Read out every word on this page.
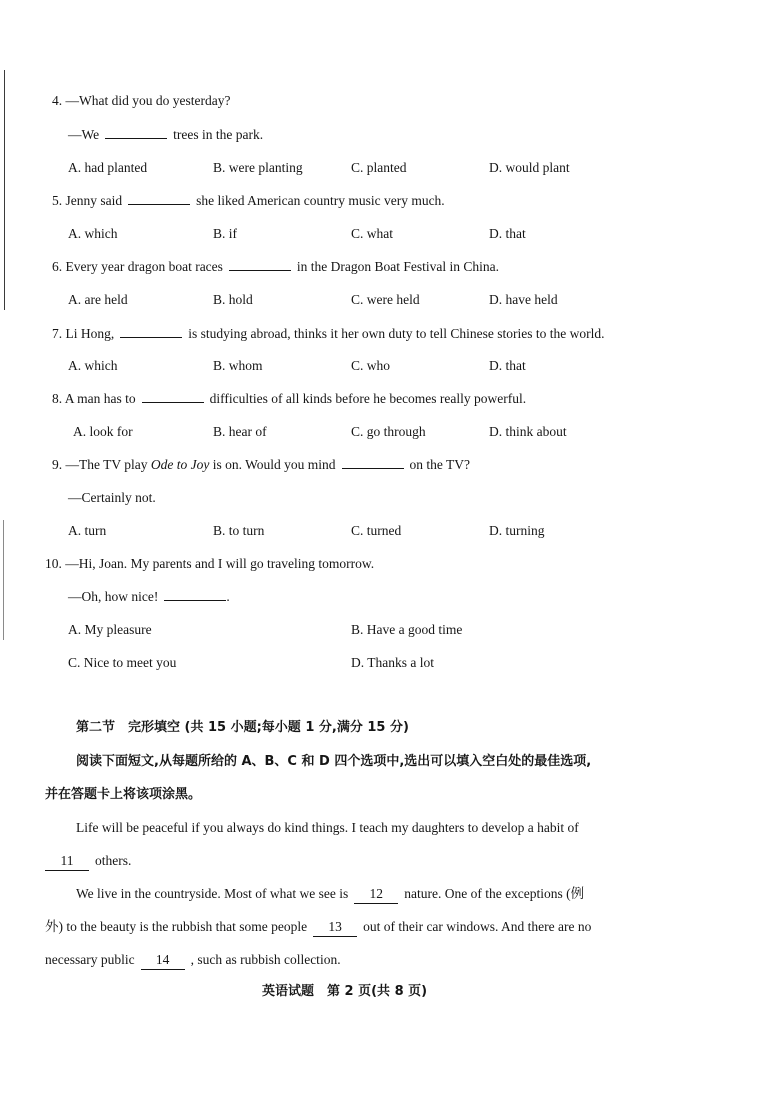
4. —What did you do yesterday?
—We	trees in the park.
A. had planted	B. were planting	C. planted	D. would plant
5. Jenny said	she liked American country music very much.
A. which	B. if	C. what	D. that
6. Every year dragon boat races	in the Dragon Boat Festival in China.
A. are held	B. hold	C. were held	D. have held
7. Li Hong,	is studying abroad, thinks it her own duty to tell Chinese stories to the world.
A. which	B. whom	C. who	D. that
8. A man has to	difficulties of all kinds before he becomes really powerful.
A. look for	B. hear of	C. go through	D. think about
9. —The TV play Ode to Joy is on. Would you mind	on the TV?
—Certainly not.
A. turn	B. to turn	C. turned	D. turning
10. —Hi, Joan. My parents and I will go traveling tomorrow.
—Oh, how nice!	.
A. My pleasure	B. Have a good time
C. Nice to meet you	D. Thanks a lot
第二节　完形填空 (共 15 小题;每小题 1 分,满分 15 分)
阅读下面短文,从每题所给的 A、B、C 和 D 四个选项中,选出可以填入空白处的最佳选项,
并在答题卡上将该项涂黑。
Life will be peaceful if you always do kind things. I teach my daughters to develop a habit of
11 others.
We live in the countryside. Most of what we see is 12 nature. One of the exceptions (例
外) to the beauty is the rubbish that some people 13 out of their car windows. And there are no
necessary public 14 , such as rubbish collection.
英语试题　第 2 页(共 8 页)
